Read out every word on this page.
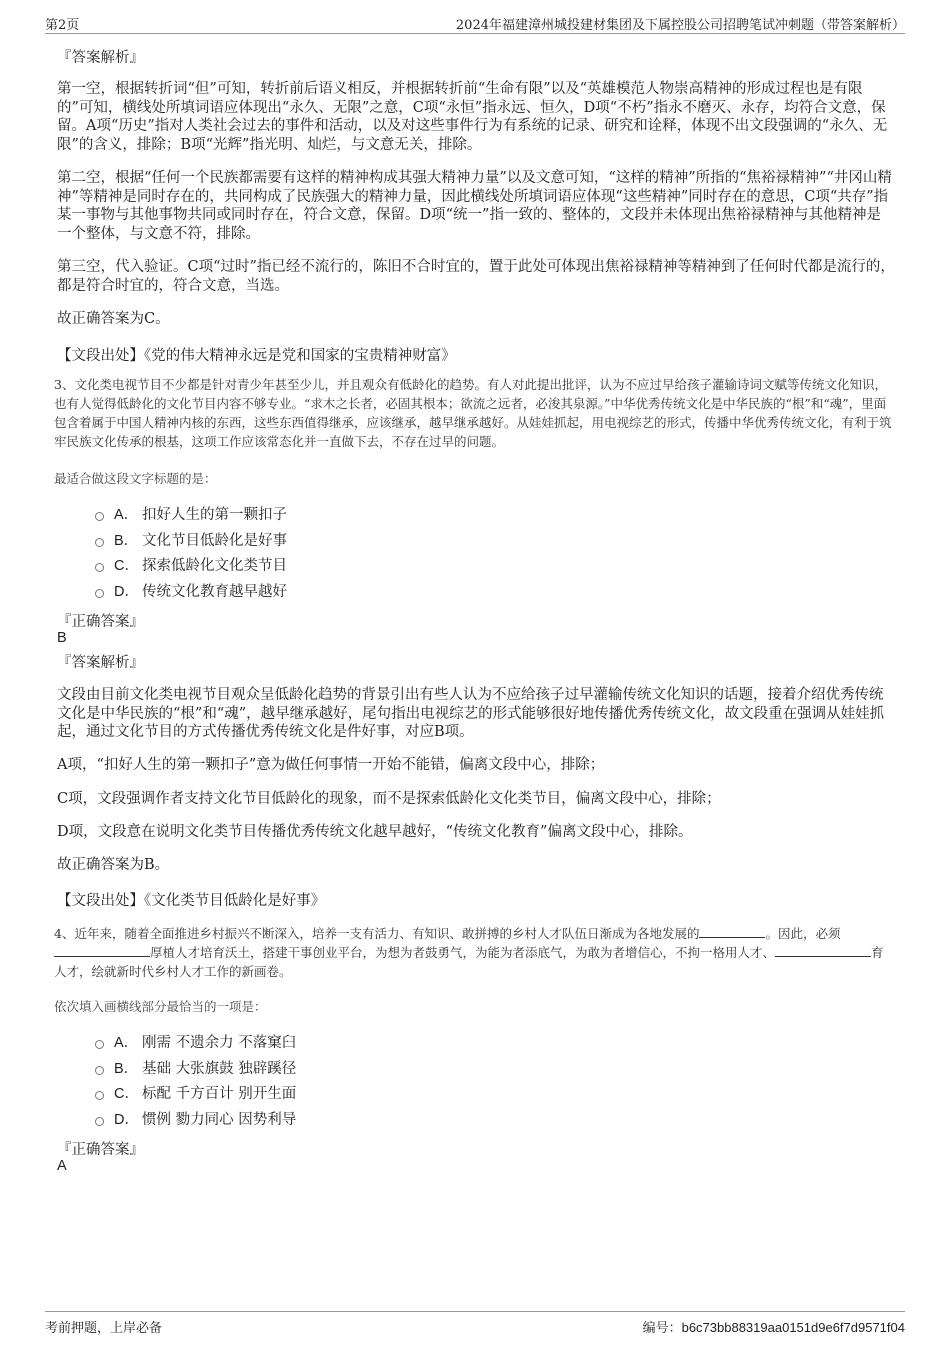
第2页	2024年福建漳州城投建材集团及下属控股公司招聘笔试冲刺题（带答案解析）
『答案解析』

第一空，根据转折词“但”可知，转折前后语义相反，并根据转折前“生命有限”以及“英雄模范人物崇高精神的形成过程也是有限的”可知，横线处所填词语应体现出“永久、无限”之意，C项“永恒”指永远、恒久，D项“不朽”指永不磨灭、永存，均符合文意，保留。A项“历史”指对人类社会过去的事件和活动，以及对这些事件行为有系统的记录、研究和诠释，体现不出文段强调的“永久、无限”的含义，排除；B项“光辉”指光明、灿烂，与文意无关，排除。

第二空，根据“任何一个民族都需要有这样的精神构成其强大精神力量”以及文意可知，“这样的精神”所指的“焦裕禄精神”“井冈山精神”等精神是同时存在的，共同构成了民族强大的精神力量，因此横线处所填词语应体现“这些精神”同时存在的意思，C项“共存”指某一事物与其他事物共同或同时存在，符合文意，保留。D项“统一”指一致的、整体的，文段并未体现出焦裕禄精神与其他精神是一个整体，与文意不符，排除。

第三空，代入验证。C项“过时”指已经不流行的，陈旧不合时宜的，置于此处可体现出焦裕禄精神等精神到了任何时代都是流行的，都是符合时宜的，符合文意，当选。

故正确答案为C。

【文段出处】《党的伟大精神永远是党和国家的宝贵精神财富》
3、文化类电视节目不少都是针对青少年甚至少儿，并且观众有低龄化的趋势。有人对此提出批评，认为不应过早给孩子灌输诗词文赋等传统文化知识，也有人觉得低龄化的文化节目内容不够专业。“求木之长者，必固其根本；欲流之远者，必浚其泉源。”中华优秀传统文化是中华民族的“根”和“魂”，里面包含着属于中国人精神内核的东西，这些东西值得继承，应该继承，越早继承越好。从娃娃抓起，用电视综艺的形式，传播中华优秀传统文化，有利于筑牢民族文化传承的根基，这项工作应该常态化并一直做下去，不存在过早的问题。
最适合做这段文字标题的是：
A． 扣好人生的第一颗扣子
B． 文化节目低龄化是好事
C． 探索低龄化文化类节目
D． 传统文化教育越早越好
『正确答案』
B
『答案解析』

文段由目前文化类电视节目观众呈低龄化趋势的背景引出有些人认为不应给孩子过早灌输传统文化知识的话题，接着介绍优秀传统文化是中华民族的“根”和“魂”，越早继承越好，尾句指出电视综艺的形式能够很好地传播优秀传统文化，故文段重在强调从娃娃抓起，通过文化节目的方式传播优秀传统文化是件好事，对应B项。

A项，“扣好人生的第一颗扣子”意为做任何事情一开始不能错，偏离文段中心，排除；

C项，文段强调作者支持文化节目低龄化的现象，而不是探索低龄化文化类节目，偏离文段中心，排除；

D项，文段意在说明文化类节目传播优秀传统文化越早越好，“传统文化教育”偏离文段中心，排除。

故正确答案为B。

【文段出处】《文化类节目低龄化是好事》
4、近年来，随着全面推进乡村振兴不断深入，培养一支有活力、有知识、敢拼搏的乡村人才队伍日渐成为各地发展的	。因此，必须厚植人才培育沃土，搭建干事创业平台，为想为者鼓勇气，为能为者添底气，为敢为者增信心，不拘一格用人才、	育人才，绘就新时代乡村人才工作的新画卷。
依次填入画横线部分最恰当的一项是：
A． 刚需 不遗余力 不落窠臼
B． 基础 大张旗鼓 独辟蹊径
C． 标配 千方百计 别开生面
D． 惯例 勠力同心 因势利导
『正确答案』
A
考前押题，上岸必备	编号：b6c73bb88319aa0151d9e6f7d9571f04
